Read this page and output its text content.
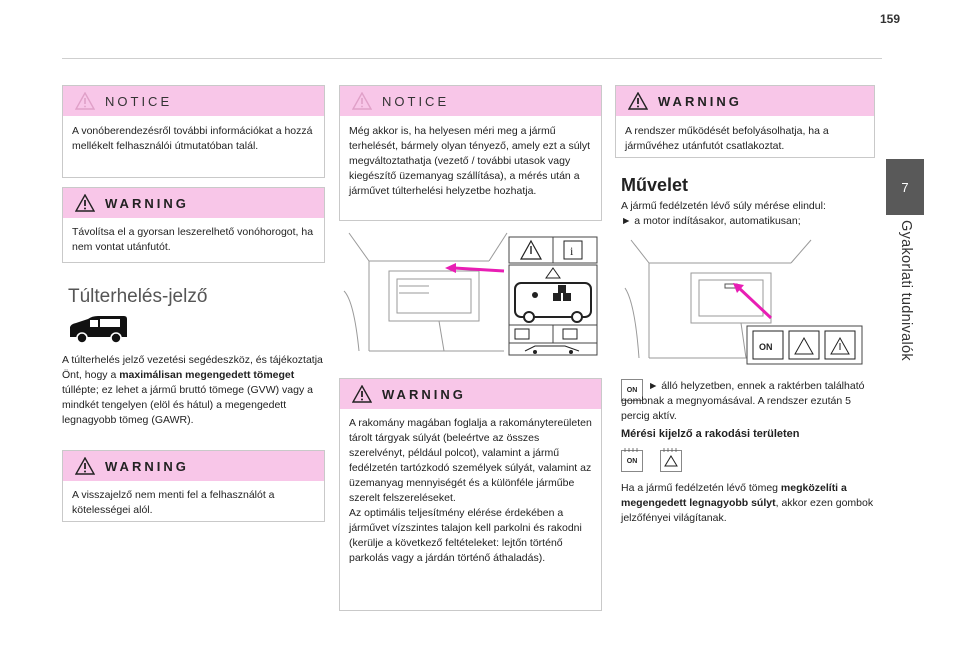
159
7
Gyakorlati tudnivalók
NOTICE
A vonóberendezésről további információkat a hozzá mellékelt felhasználói útmutatóban talál.
WARNING
Távolítsa el a gyorsan leszerelhető vonóhorogot, ha nem vontat utánfutót.
Túlterhelés-jelző
A túlterhelés jelző vezetési segédeszköz, és tájékoztatja Önt, hogy a maximálisan megengedett tömeget túllépte; ez lehet a jármű bruttó tömege (GVW) vagy a mindkét tengelyen (elöl és hátul) a megengedett legnagyobb tömeg (GAWR).
WARNING
A visszajelző nem menti fel a felhasználót a kötelességei alól.
NOTICE
Még akkor is, ha helyesen méri meg a jármű terhelését, bármely olyan tényező, amely ezt a súlyt megváltoztathatja (vezető / további utasok vagy kiegészítő üzemanyag szállítása), a mérés után a járművet túlterhelési helyzetbe hozhatja.
i
WARNING
A rakomány magában foglalja a rakománytereületen tárolt tárgyak súlyát (beleértve az összes szerelvényt, például polcot), valamint a jármű fedélzetén tartózkodó személyek súlyát, valamint az üzemanyag mennyiségét és a különféle járműbe szerelt felszereléseket.
Az optimális teljesítmény elérése érdekében a járművet vízszintes talajon kell parkolni és rakodni (kerülje a következő feltételeket: lejtőn történő parkolás vagy a járdán történő áthaladás).
WARNING
A rendszer működését befolyásolhatja, ha a járművéhez utánfutót csatlakoztat.
Művelet
A jármű fedélzetén lévő súly mérése elindul:
► a motor indításakor, automatikusan;
ON
ON	► álló helyzetben, ennek a raktérben található gombnak a megnyomásával. A rendszer ezután 5 percig aktív.
Mérési kijelző a rakodási területen
ON
Ha a jármű fedélzetén lévő tömeg megközelíti a megengedett legnagyobb súlyt, akkor ezen gombok jelzőfényei világítanak.
